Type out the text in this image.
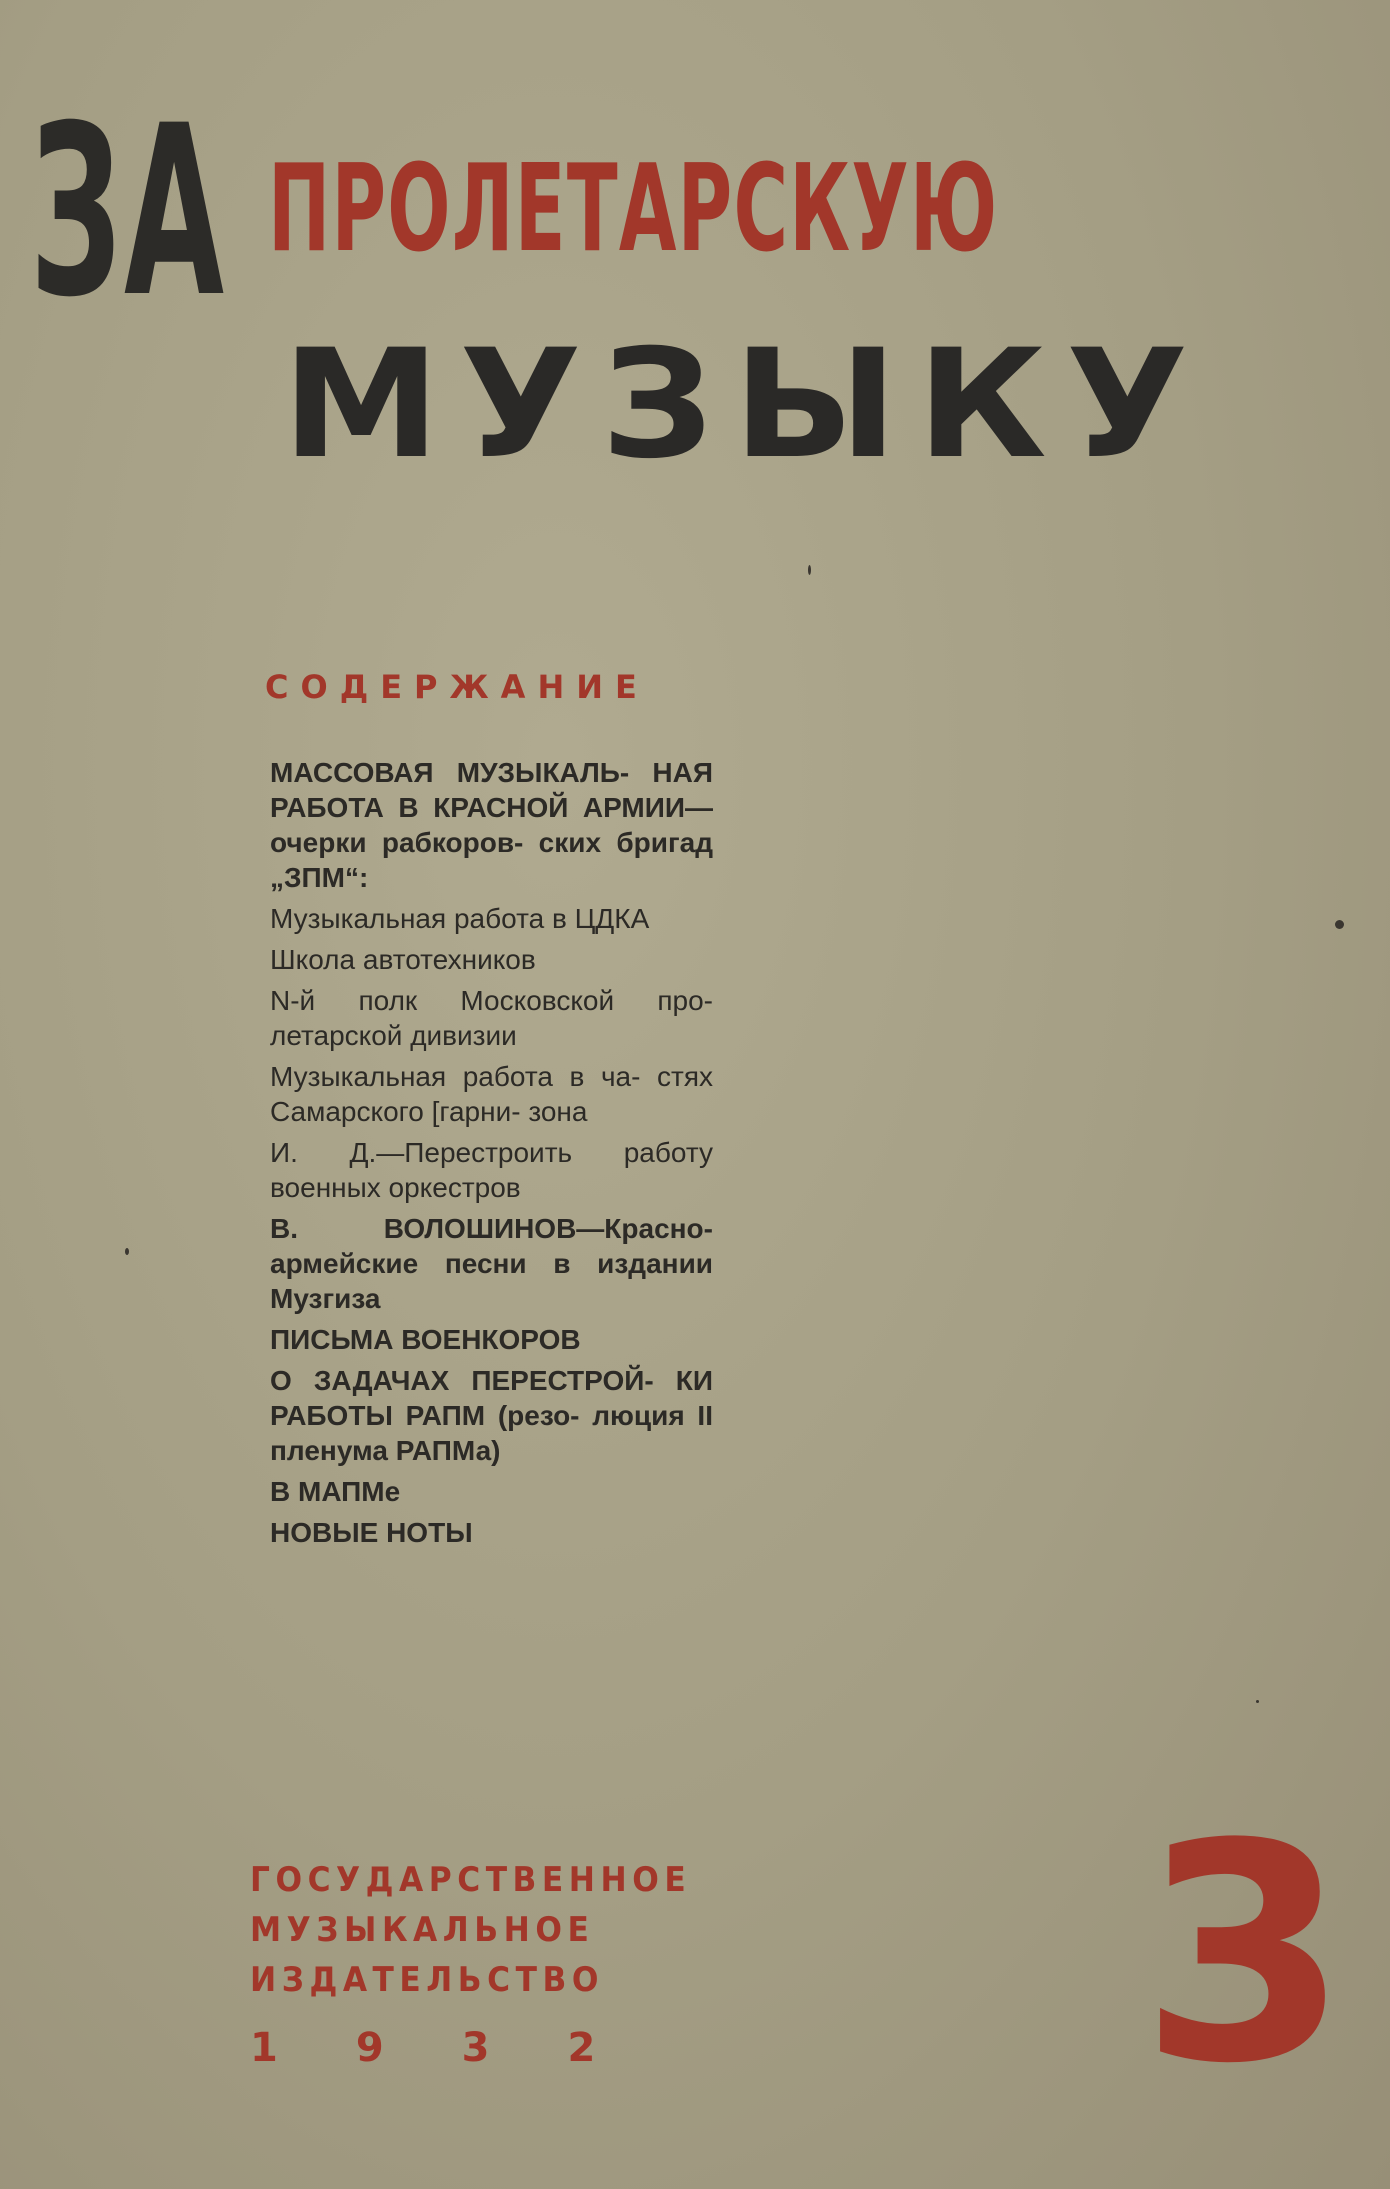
ЗА ПРОЛЕТАРСКУЮ
МУЗЫКУ
СОДЕРЖАНИЕ
МАССОВАЯ МУЗЫКАЛЬ- НАЯ РАБОТА В КРАСНОЙ АРМИИ—очерки рабкоров- ских бригад „ЗПМ“:
Музыкальная работа в ЦДКА
Школа автотехников
N-й полк Московской про- летарской дивизии
Музыкальная работа в ча- стях Самарского [гарни- зона
И. Д.—Перестроить работу военных оркестров
В. ВОЛОШИНОВ—Красно- армейские песни в издании Музгиза
ПИСЬМА ВОЕНКОРОВ
О ЗАДАЧАХ ПЕРЕСТРОЙ- КИ РАБОТЫ РАПМ (резо- люция II пленума РАПМа)
В МАПМе
НОВЫЕ НОТЫ
ГОСУДАРСТВЕННОЕ
МУЗЫКАЛЬНОЕ
ИЗДАТЕЛЬСТВО
1932 3
